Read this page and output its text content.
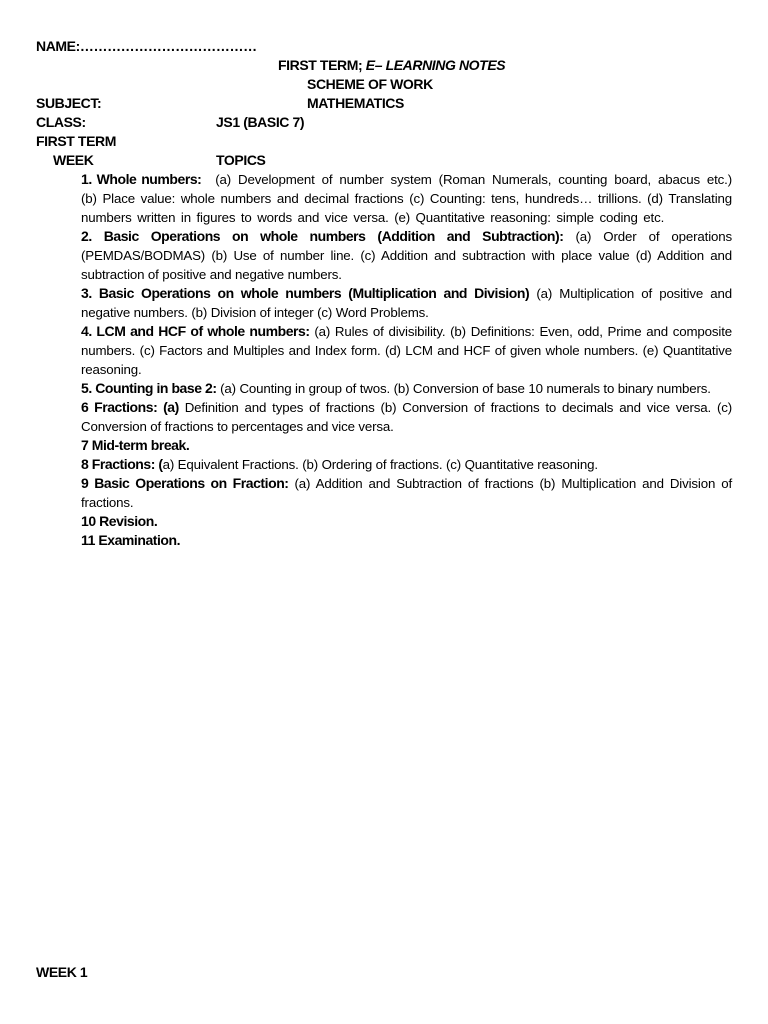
NAME:…………………………………
FIRST TERM; E– LEARNING NOTES
SCHEME OF WORK
SUBJECT:	MATHEMATICS
CLASS:	JS1 (BASIC 7)
FIRST TERM
WEEK	TOPICS
1. Whole numbers:  (a) Development of number system (Roman Numerals, counting board, abacus etc.) (b) Place value: whole numbers and decimal fractions (c) Counting: tens, hundreds… trillions. (d) Translating numbers written in figures to words and vice versa. (e) Quantitative reasoning: simple coding etc.
2. Basic Operations on whole numbers (Addition and Subtraction): (a) Order of operations (PEMDAS/BODMAS) (b) Use of number line. (c) Addition and subtraction with place value (d) Addition and subtraction of positive and negative numbers.
3. Basic Operations on whole numbers (Multiplication and Division) (a) Multiplication of positive and negative numbers. (b) Division of integer (c) Word Problems.
4. LCM and HCF of whole numbers: (a) Rules of divisibility. (b) Definitions: Even, odd, Prime and composite numbers. (c) Factors and Multiples and Index form. (d) LCM and HCF of given whole numbers. (e) Quantitative reasoning.
5. Counting in base 2: (a) Counting in group of twos. (b) Conversion of base 10 numerals to binary numbers.
6 Fractions: (a) Definition and types of fractions (b) Conversion of fractions to decimals and vice versa. (c) Conversion of fractions to percentages and vice versa.
7 Mid-term break.
8 Fractions: (a) Equivalent Fractions. (b) Ordering of fractions. (c) Quantitative reasoning.
9 Basic Operations on Fraction: (a) Addition and Subtraction of fractions (b) Multiplication and Division of fractions.
10 Revision.
11 Examination.
WEEK 1
